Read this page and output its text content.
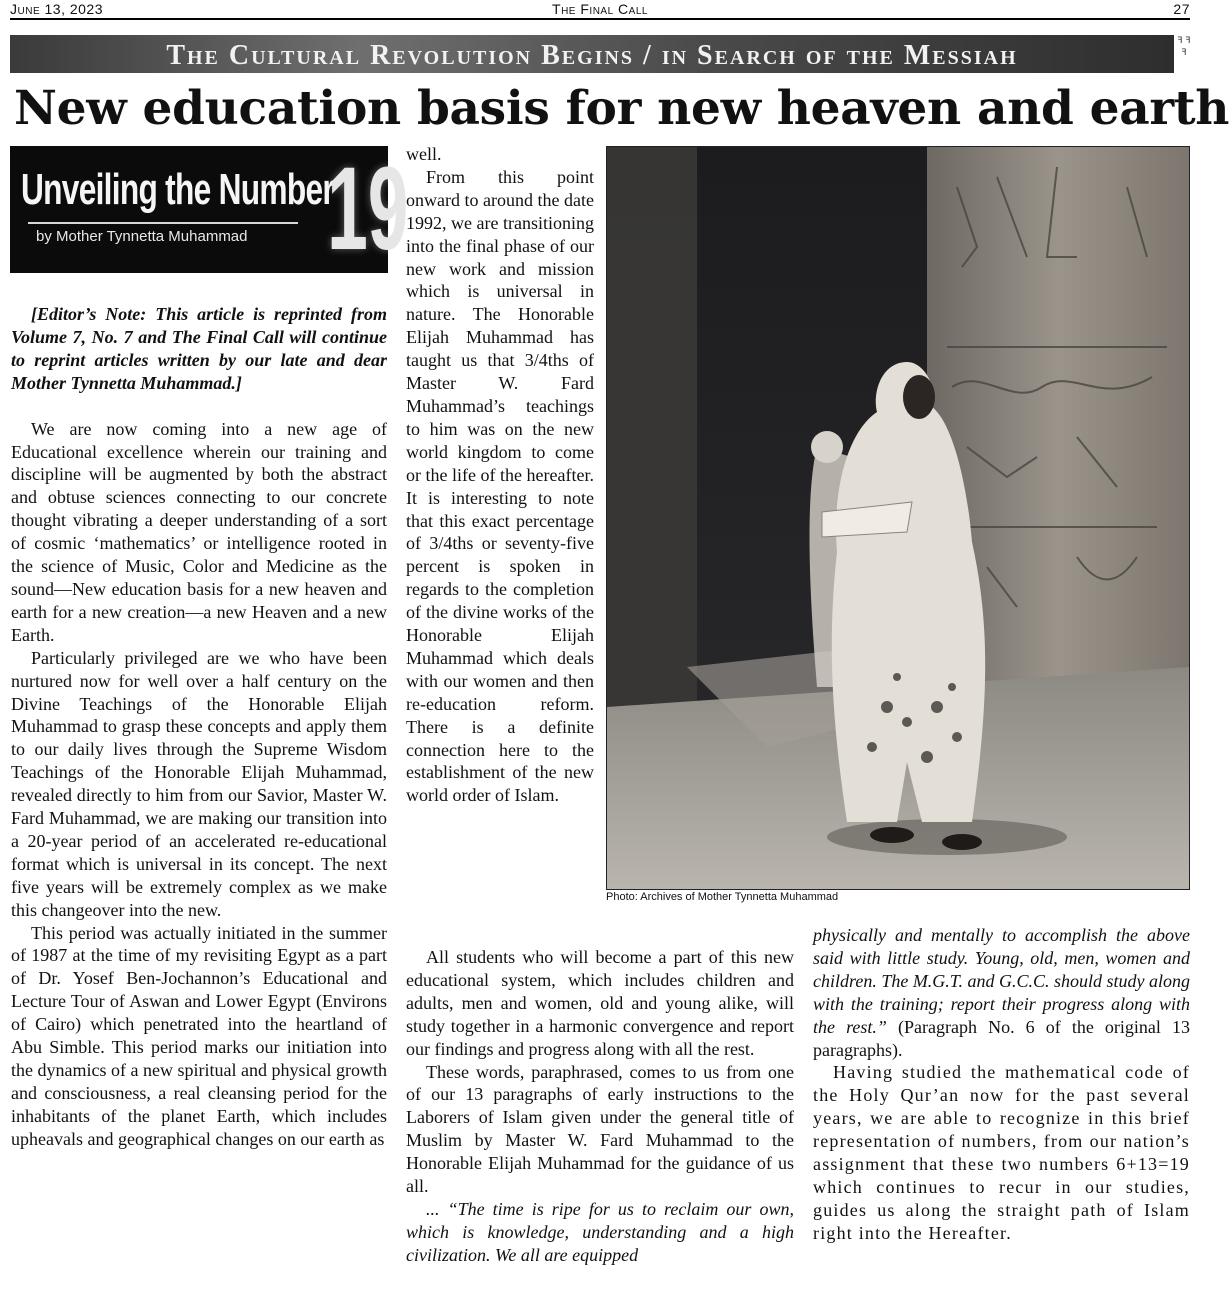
June 13, 2023	The Final Call	27
The Cultural Revolution Begins / in Search of the Messiah	ꟻ ꟻ ꟻ
New education basis for new heaven and earth
Unveiling the Number
by Mother Tynnetta Muhammad 19

[Editor’s Note: This article is reprinted from Volume 7, No. 7 and The Final Call will continue to reprint articles written by our late and dear Mother Tynnetta Muhammad.]

We are now coming into a new age of Educational excellence wherein our training and discipline will be augmented by both the abstract and obtuse sciences connecting to our concrete thought vibrating a deeper understanding of a sort of cosmic ‘mathematics’ or intelligence rooted in the science of Music, Color and Medicine as the sound—New education basis for a new heaven and earth for a new creation—a new Heaven and a new Earth.

Particularly privileged are we who have been nurtured now for well over a half century on the Divine Teachings of the Honorable Elijah Muhammad to grasp these concepts and apply them to our daily lives through the Supreme Wisdom Teachings of the Honorable Elijah Muhammad, revealed directly to him from our Savior, Master W. Fard Muhammad, we are making our transition into a 20-year period of an accelerated re-educational format which is universal in its concept. The next five years will be extremely complex as we make this changeover into the new.

This period was actually initiated in the summer of 1987 at the time of my revisiting Egypt as a part of Dr. Yosef Ben-Jochannon’s Educational and Lecture Tour of Aswan and Lower Egypt (Environs of Cairo) which penetrated into the heartland of Abu Simble. This period marks our initiation into the dynamics of a new spiritual and physical growth and consciousness, a real cleansing period for the inhabitants of the planet Earth, which includes upheavals and geographical changes on our earth as

well.

From this point onward to around the date 1992, we are transitioning into the final phase of our new work and mission which is universal in nature. The Honorable Elijah Muhammad has taught us that 3/4ths of Master W. Fard Muhammad’s teachings to him was on the new world kingdom to come or the life of the hereafter. It is interesting to note that this exact percentage of 3/4ths or seventy-five percent is spoken in regards to the completion of the divine works of the Honorable Elijah Muhammad which deals with our women and then re-education reform. There is a definite connection here to the establishment of the new world order of Islam.

All students who will become a part of this new educational system, which includes children and adults, men and women, old and young alike, will study together in a harmonic convergence and report our findings and progress along with all the rest.

These words, paraphrased, comes to us from one of our 13 paragraphs of early instructions to the Laborers of Islam given under the general title of Muslim by Master W. Fard Muhammad to the Honorable Elijah Muhammad for the guidance of us all.

... “The time is ripe for us to reclaim our own, which is knowledge, understanding and a high civilization. We all are equipped

physically and mentally to accomplish the above said with little study. Young, old, men, women and children. The M.G.T. and G.C.C. should study along with the training; report their progress along with the rest.” (Paragraph No. 6 of the original 13 paragraphs).

Having studied the mathematical code of the Holy Qur’an now for the past several years, we are able to recognize in this brief representation of numbers, from our nation’s assignment that these two numbers 6+13=19 which continues to recur in our studies, guides us along the straight path of Islam right into the Hereafter.

Photo: Archives of Mother Tynnetta Muhammad
